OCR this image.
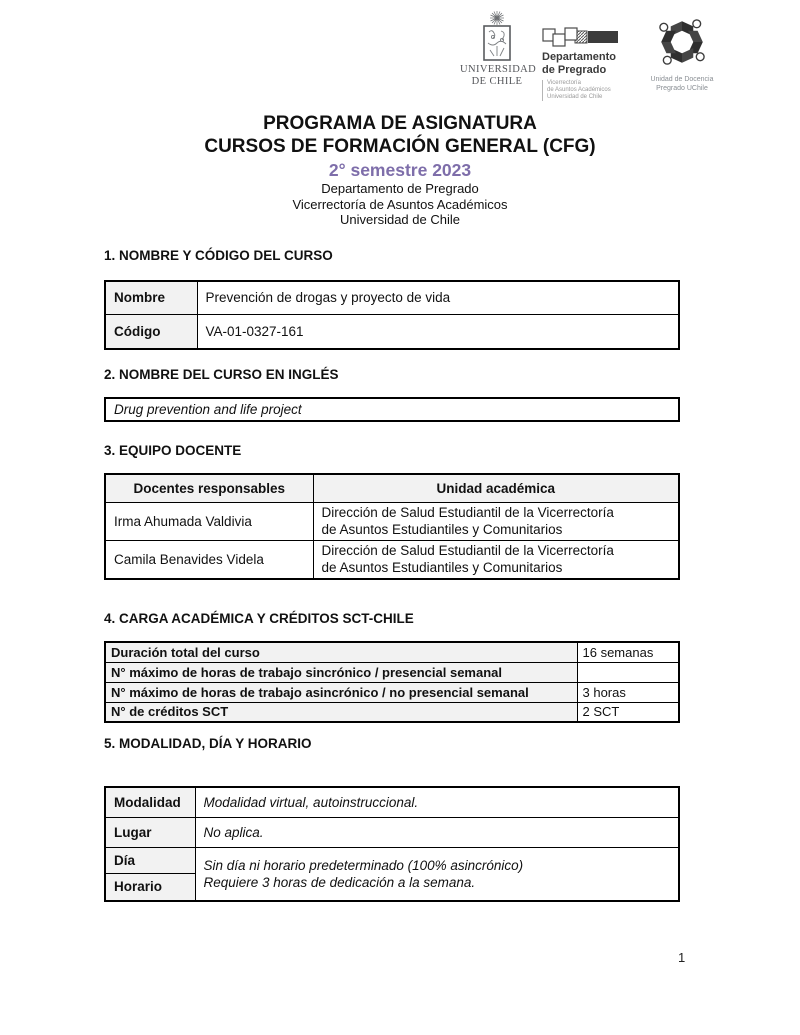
UNIVERSIDAD
DE CHILE
Departamento
de Pregrado
Vicerrectoría
de Asuntos Académicos
Universidad de Chile
Unidad de Docencia
Pregrado UChile
PROGRAMA DE ASIGNATURA
CURSOS DE FORMACIÓN GENERAL (CFG)
2° semestre 2023
Departamento de Pregrado
Vicerrectoría de Asuntos Académicos
Universidad de Chile
1. NOMBRE Y CÓDIGO DEL CURSO
Nombre	Prevención de drogas y proyecto de vida
Código	VA-01-0327-161
2. NOMBRE DEL CURSO EN INGLÉS
Drug prevention and life project
3. EQUIPO DOCENTE
Docentes responsables	Unidad académica
Irma Ahumada Valdivia	Dirección de Salud Estudiantil de la Vicerrectoría
de Asuntos Estudiantiles y Comunitarios

Camila Benavides Videla	Dirección de Salud Estudiantil de la Vicerrectoría
de Asuntos Estudiantiles y Comunitarios
4. CARGA ACADÉMICA Y CRÉDITOS SCT-CHILE
Duración total del curso	16 semanas
N° máximo de horas de trabajo sincrónico / presencial semanal	
N° máximo de horas de trabajo asincrónico / no presencial semanal	3 horas
N° de créditos SCT	2 SCT
5. MODALIDAD, DÍA Y HORARIO
Modalidad	Modalidad virtual, autoinstruccional.
Lugar	No aplica.
Día	Sin día ni horario predeterminado (100% asincrónico)
Requiere 3 horas de dedicación a la semana.

Horario	
1
